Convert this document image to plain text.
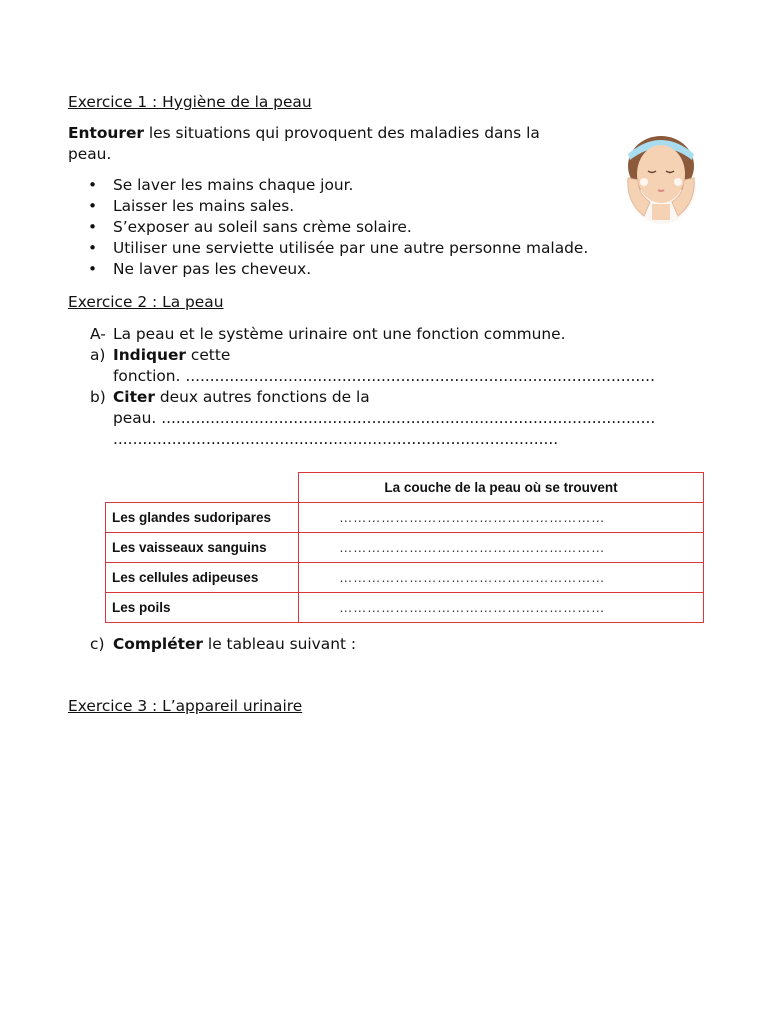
Exercice 1 : Hygiène de la peau
Entourer les situations qui provoquent des maladies dans la
peau.
• Se laver les mains chaque jour.
• Laisser les mains sales.
• S’exposer au soleil sans crème solaire.
• Utiliser une serviette utilisée par une autre personne malade.
• Ne laver pas les cheveux.
Exercice 2 : La peau
A- La peau et le système urinaire ont une fonction commune.
a) Indiquer cette
fonction. ................................................................................................
b) Citer deux autres fonctions de la
peau. .....................................................................................................
...........................................................................................
	La couche de la peau où se trouvent
Les glandes sudoripares	…………………………………………………
Les vaisseaux sanguins	…………………………………………………
Les cellules adipeuses	…………………………………………………
Les poils	…………………………………………………
c) Compléter le tableau suivant :
Exercice 3 : L’appareil urinaire
